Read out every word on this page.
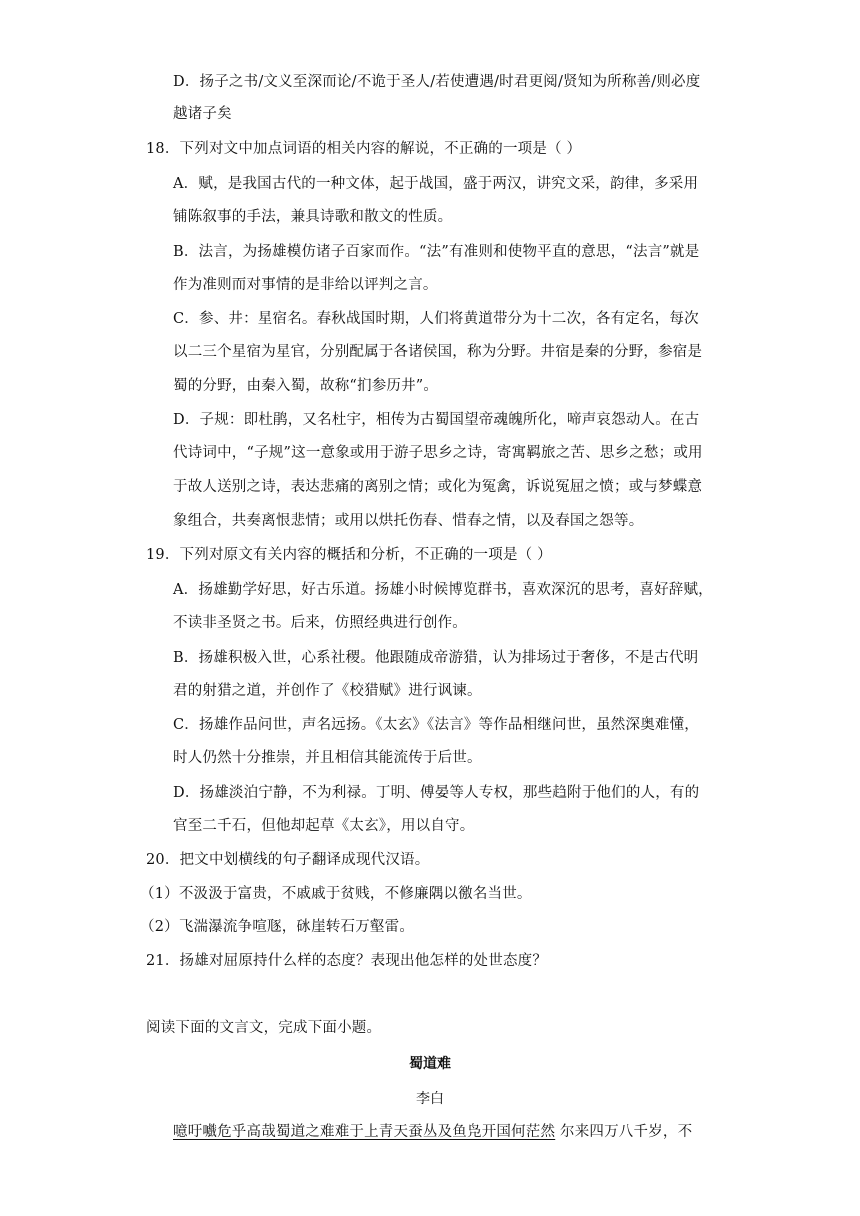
D．扬子之书/文义至深而论/不诡于圣人/若使遭遇/时君更阅/贤知为所称善/则必度
越诸子矣
18．下列对文中加点词语的相关内容的解说，不正确的一项是（ ）
A．赋，是我国古代的一种文体，起于战国，盛于两汉，讲究文采，韵律，多采用
铺陈叙事的手法，兼具诗歌和散文的性质。
B．法言，为扬雄模仿诸子百家而作。“法”有准则和使物平直的意思，“法言”就是
作为准则而对事情的是非给以评判之言。
C．参、井：星宿名。春秋战国时期，人们将黄道带分为十二次，各有定名，每次
以二三个星宿为星官，分别配属于各诸侯国，称为分野。井宿是秦的分野，参宿是
蜀的分野，由秦入蜀，故称“扪参历井”。
D．子规：即杜鹃，又名杜宇，相传为古蜀国望帝魂魄所化，啼声哀怨动人。在古
代诗词中，“子规”这一意象或用于游子思乡之诗，寄寓羁旅之苦、思乡之愁；或用
于故人送别之诗，表达悲痛的离别之情；或化为冤禽，诉说冤屈之愤；或与梦蝶意
象组合，共奏离恨悲情；或用以烘托伤春、惜春之情，以及春国之怨等。
19．下列对原文有关内容的概括和分析，不正确的一项是（ ）
A．扬雄勤学好思，好古乐道。扬雄小时候博览群书，喜欢深沉的思考，喜好辞赋，
不读非圣贤之书。后来，仿照经典进行创作。
B．扬雄积极入世，心系社稷。他跟随成帝游猎，认为排场过于奢侈，不是古代明
君的射猎之道，并创作了《校猎赋》进行讽谏。
C．扬雄作品问世，声名远扬。《太玄》《法言》等作品相继问世，虽然深奥难懂，
时人仍然十分推崇，并且相信其能流传于后世。
D．扬雄淡泊宁静，不为利禄。丁明、傅晏等人专权，那些趋附于他们的人，有的
官至二千石，但他却起草《太玄》，用以自守。
20．把文中划横线的句子翻译成现代汉语。
（1）不汲汲于富贵，不戚戚于贫贱，不修廉隅以徼名当世。
（2）飞湍瀑流争喧豗，砯崖转石万壑雷。
21．扬雄对屈原持什么样的态度？表现出他怎样的处世态度？
阅读下面的文言文，完成下面小题。
蜀道难
李白
噫吁嚱危乎高哉蜀道之难难于上青天蚕丛及鱼凫开国何茫然 尔来四万八千岁，不
